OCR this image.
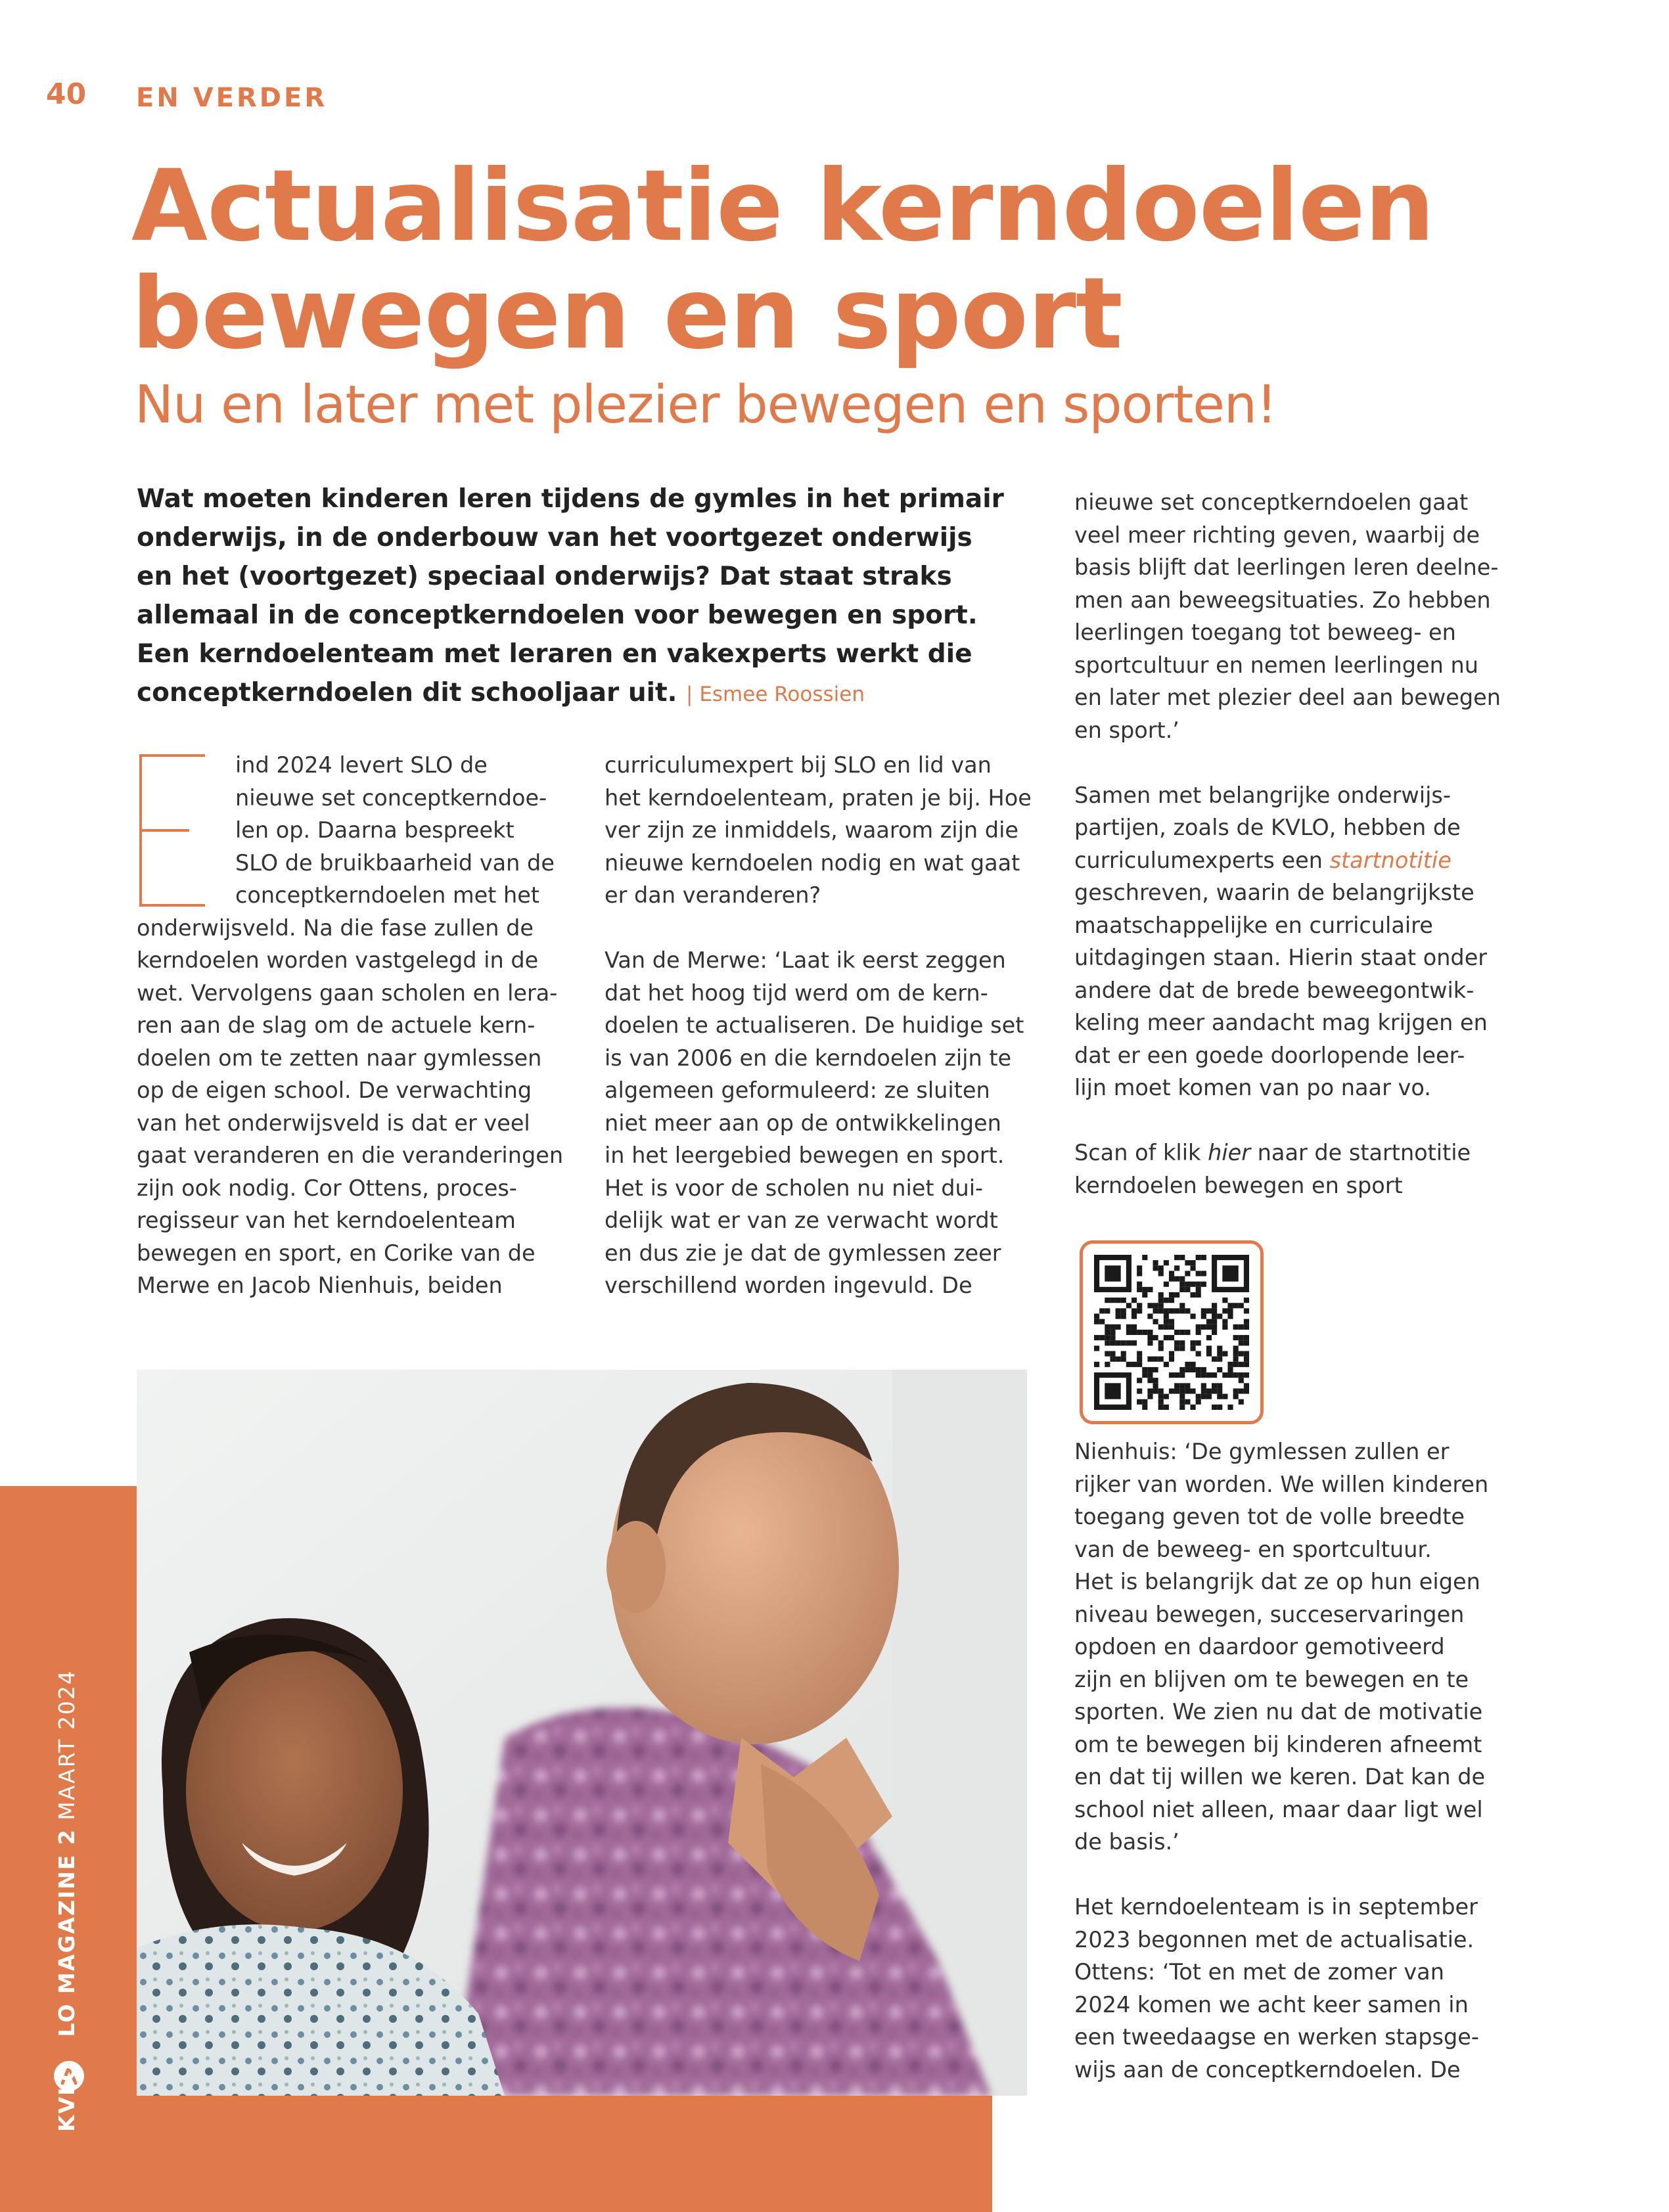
40 EN VERDER
Actualisatie kerndoelen
bewegen en sport
Nu en later met plezier bewegen en sporten!
Wat moeten kinderen leren tijdens de gymles in het primair
onderwijs, in de onderbouw van het voortgezet onderwijs
en het (voortgezet) speciaal onderwijs? Dat staat straks
allemaal in de conceptkerndoelen voor bewegen en sport.
Een kerndoelenteam met leraren en vakexperts werkt die
conceptkerndoelen dit schooljaar uit. | Esmee Roossien
ind 2024 levert SLO de
nieuwe set conceptkerndoe-
len op. Daarna bespreekt
SLO de bruikbaarheid van de
conceptkerndoelen met het
onderwijsveld. Na die fase zullen de
kerndoelen worden vastgelegd in de
wet. Vervolgens gaan scholen en lera-
ren aan de slag om de actuele kern-
doelen om te zetten naar gymlessen
op de eigen school. De verwachting
van het onderwijsveld is dat er veel
gaat veranderen en die veranderingen
zijn ook nodig. Cor Ottens, proces-
regisseur van het kerndoelenteam
bewegen en sport, en Corike van de
Merwe en Jacob Nienhuis, beiden
curriculumexpert bij SLO en lid van
het kerndoelenteam, praten je bij. Hoe
ver zijn ze inmiddels, waarom zijn die
nieuwe kerndoelen nodig en wat gaat
er dan veranderen?
Van de Merwe: ‘Laat ik eerst zeggen
dat het hoog tijd werd om de kern-
doelen te actualiseren. De huidige set
is van 2006 en die kerndoelen zijn te
algemeen geformuleerd: ze sluiten
niet meer aan op de ontwikkelingen
in het leergebied bewegen en sport.
Het is voor de scholen nu niet dui-
delijk wat er van ze verwacht wordt
en dus zie je dat de gymlessen zeer
verschillend worden ingevuld. De
nieuwe set conceptkerndoelen gaat
veel meer richting geven, waarbij de
basis blijft dat leerlingen leren deelne-
men aan beweegsituaties. Zo hebben
leerlingen toegang tot beweeg- en
sportcultuur en nemen leerlingen nu
en later met plezier deel aan bewegen
en sport.’
Samen met belangrijke onderwijs-
partijen, zoals de KVLO, hebben de
curriculumexperts een startnotitie
geschreven, waarin de belangrijkste
maatschappelijke en curriculaire
uitdagingen staan. Hierin staat onder
andere dat de brede beweegontwik-
keling meer aandacht mag krijgen en
dat er een goede doorlopende leer-
lijn moet komen van po naar vo.
Scan of klik hier naar de startnotitie
kerndoelen bewegen en sport
Nienhuis: ‘De gymlessen zullen er
rijker van worden. We willen kinderen
toegang geven tot de volle breedte
van de beweeg- en sportcultuur.
Het is belangrijk dat ze op hun eigen
niveau bewegen, succeservaringen
opdoen en daardoor gemotiveerd
zijn en blijven om te bewegen en te
sporten. We zien nu dat de motivatie
om te bewegen bij kinderen afneemt
en dat tij willen we keren. Dat kan de
school niet alleen, maar daar ligt wel
de basis.’
Het kerndoelenteam is in september
2023 begonnen met de actualisatie.
Ottens: ‘Tot en met de zomer van
2024 komen we acht keer samen in
een tweedaagse en werken stapsge-
wijs aan de conceptkerndoelen. De
KVLO   LO MAGAZINE 2 MAART 2024
